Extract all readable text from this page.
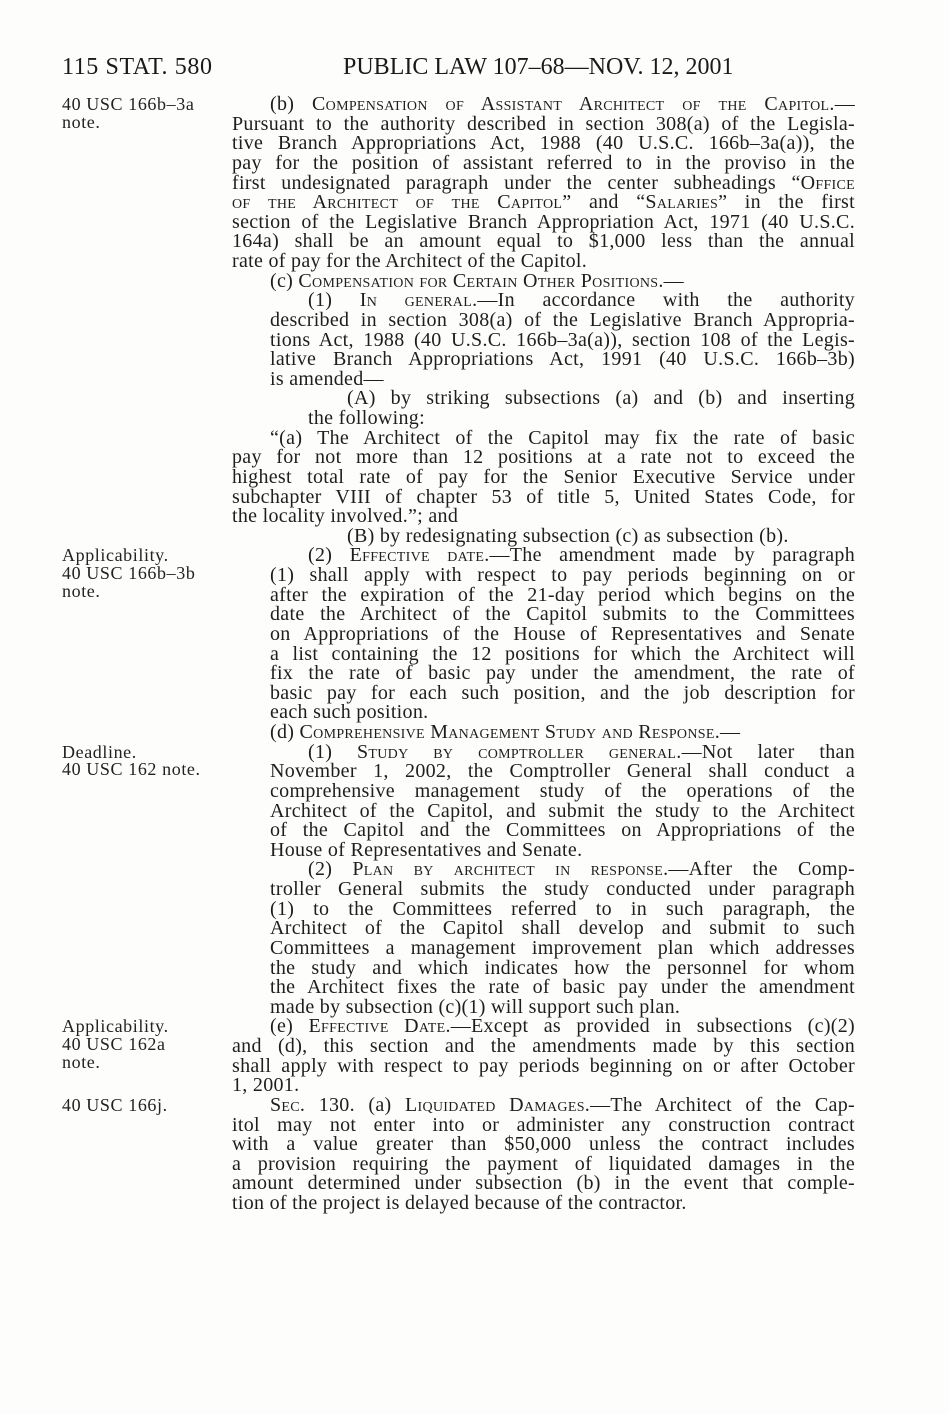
115 STAT. 580	PUBLIC LAW 107–68—NOV. 12, 2001
40 USC 166b–3a
note.
(b) Compensation of Assistant Architect of the Capitol.—
Pursuant to the authority described in section 308(a) of the Legisla-
tive Branch Appropriations Act, 1988 (40 U.S.C. 166b–3a(a)), the
pay for the position of assistant referred to in the proviso in the
first undesignated paragraph under the center subheadings “Office
of the Architect of the Capitol” and “Salaries” in the first
section of the Legislative Branch Appropriation Act, 1971 (40 U.S.C.
164a) shall be an amount equal to $1,000 less than the annual
rate of pay for the Architect of the Capitol.
(c) Compensation for Certain Other Positions.—
(1) In general.—In accordance with the authority
described in section 308(a) of the Legislative Branch Appropria-
tions Act, 1988 (40 U.S.C. 166b–3a(a)), section 108 of the Legis-
lative Branch Appropriations Act, 1991 (40 U.S.C. 166b–3b)
is amended—
(A) by striking subsections (a) and (b) and inserting
the following:
“(a) The Architect of the Capitol may fix the rate of basic
pay for not more than 12 positions at a rate not to exceed the
highest total rate of pay for the Senior Executive Service under
subchapter VIII of chapter 53 of title 5, United States Code, for
the locality involved.”; and
(B) by redesignating subsection (c) as subsection (b).
Applicability.
40 USC 166b–3b
note.
(2) Effective date.—The amendment made by paragraph
(1) shall apply with respect to pay periods beginning on or
after the expiration of the 21-day period which begins on the
date the Architect of the Capitol submits to the Committees
on Appropriations of the House of Representatives and Senate
a list containing the 12 positions for which the Architect will
fix the rate of basic pay under the amendment, the rate of
basic pay for each such position, and the job description for
each such position.
(d) Comprehensive Management Study and Response.—
Deadline.
40 USC 162 note.
(1) Study by comptroller general.—Not later than
November 1, 2002, the Comptroller General shall conduct a
comprehensive management study of the operations of the
Architect of the Capitol, and submit the study to the Architect
of the Capitol and the Committees on Appropriations of the
House of Representatives and Senate.
(2) Plan by architect in response.—After the Comp-
troller General submits the study conducted under paragraph
(1) to the Committees referred to in such paragraph, the
Architect of the Capitol shall develop and submit to such
Committees a management improvement plan which addresses
the study and which indicates how the personnel for whom
the Architect fixes the rate of basic pay under the amendment
made by subsection (c)(1) will support such plan.
Applicability.
40 USC 162a
note.
(e) Effective Date.—Except as provided in subsections (c)(2)
and (d), this section and the amendments made by this section
shall apply with respect to pay periods beginning on or after October
1, 2001.
40 USC 166j.	Sec. 130. (a) Liquidated Damages.—The Architect of the Cap-
itol may not enter into or administer any construction contract
with a value greater than $50,000 unless the contract includes
a provision requiring the payment of liquidated damages in the
amount determined under subsection (b) in the event that comple-
tion of the project is delayed because of the contractor.
